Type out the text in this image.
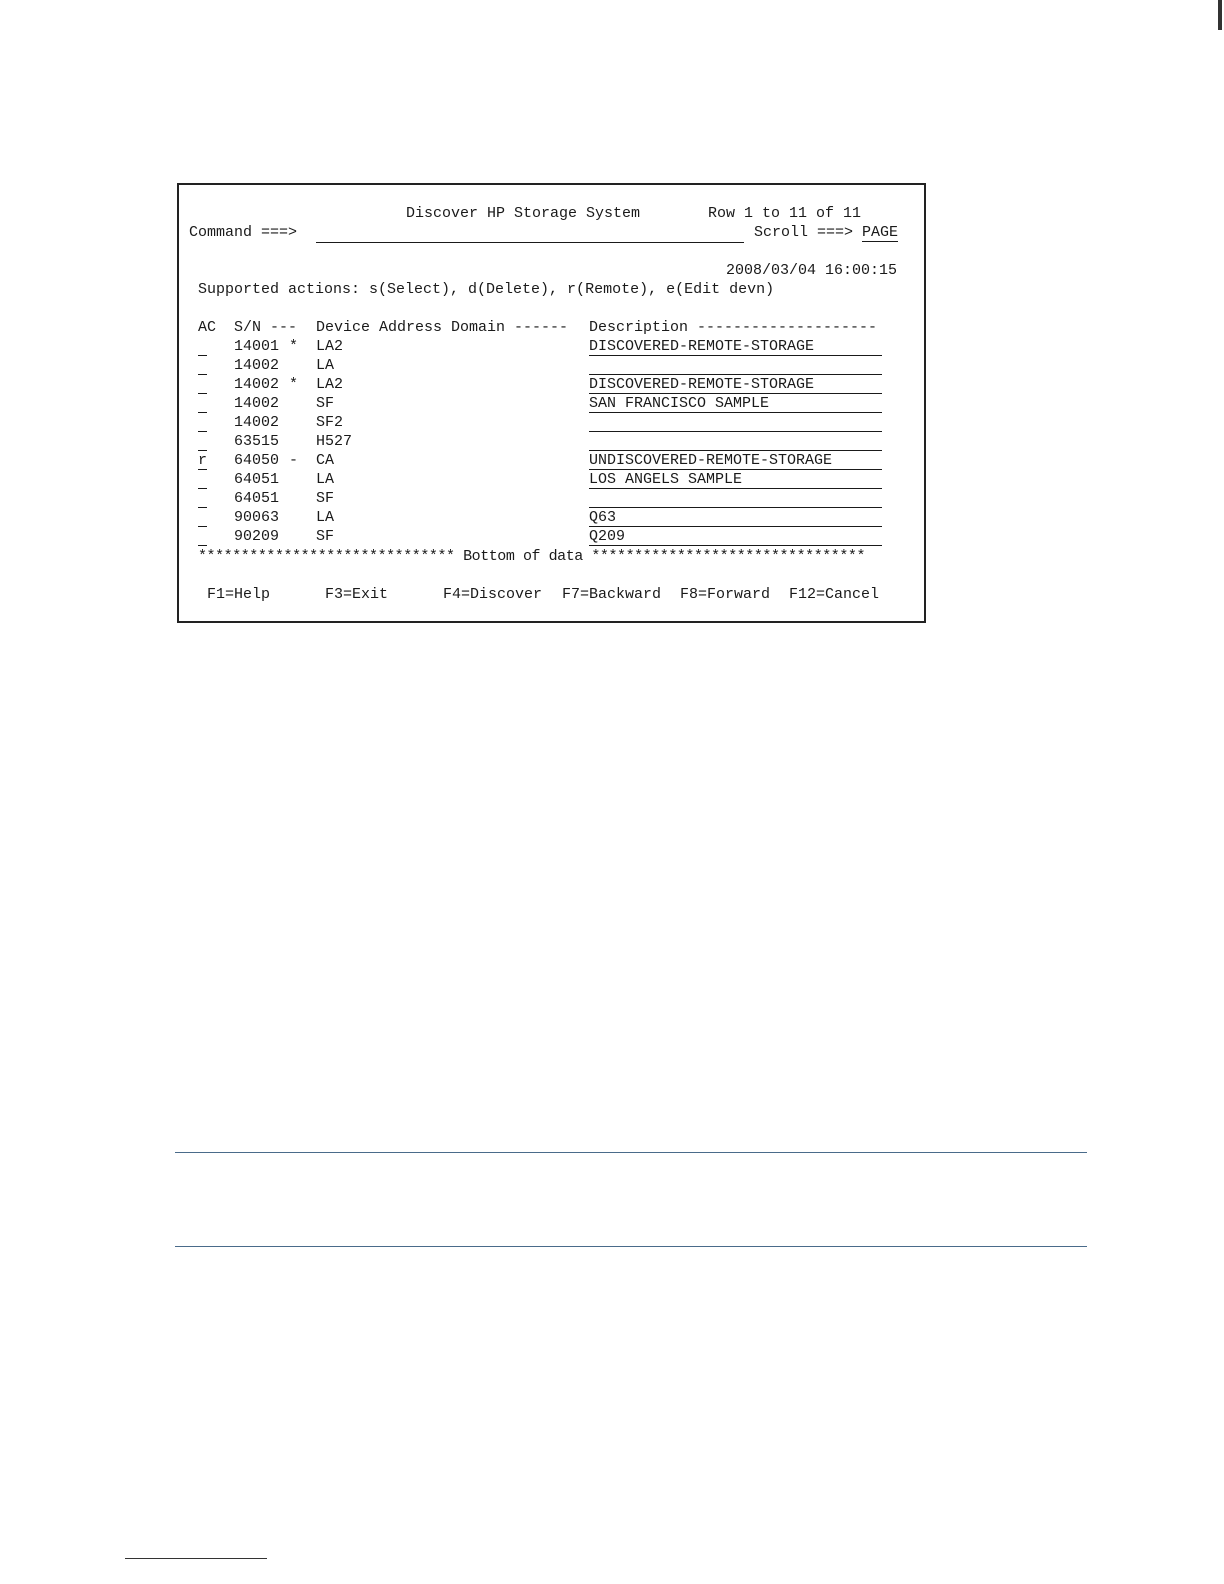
Discover HP Storage System	Row 1 to 11 of 11
Command ===>	Scroll ===> PAGE
2008/03/04 16:00:15
Supported actions: s(Select), d(Delete), r(Remote), e(Edit devn)
AC S/N --- Device Address Domain ------ Description --------------------
14001 * LA2	DISCOVERED-REMOTE-STORAGE
14002 LA
14002 * LA2	DISCOVERED-REMOTE-STORAGE
14002 SF	SAN FRANCISCO SAMPLE
14002 SF2
63515 H527
r 64050 - CA	UNDISCOVERED-REMOTE-STORAGE
64051 LA	LOS ANGELS SAMPLE
64051 SF
90063 LA	Q63
90209 SF	Q209
****************************** Bottom of data ********************************
F1=Help	F3=Exit	F4=Discover F7=Backward F8=Forward F12=Cancel
